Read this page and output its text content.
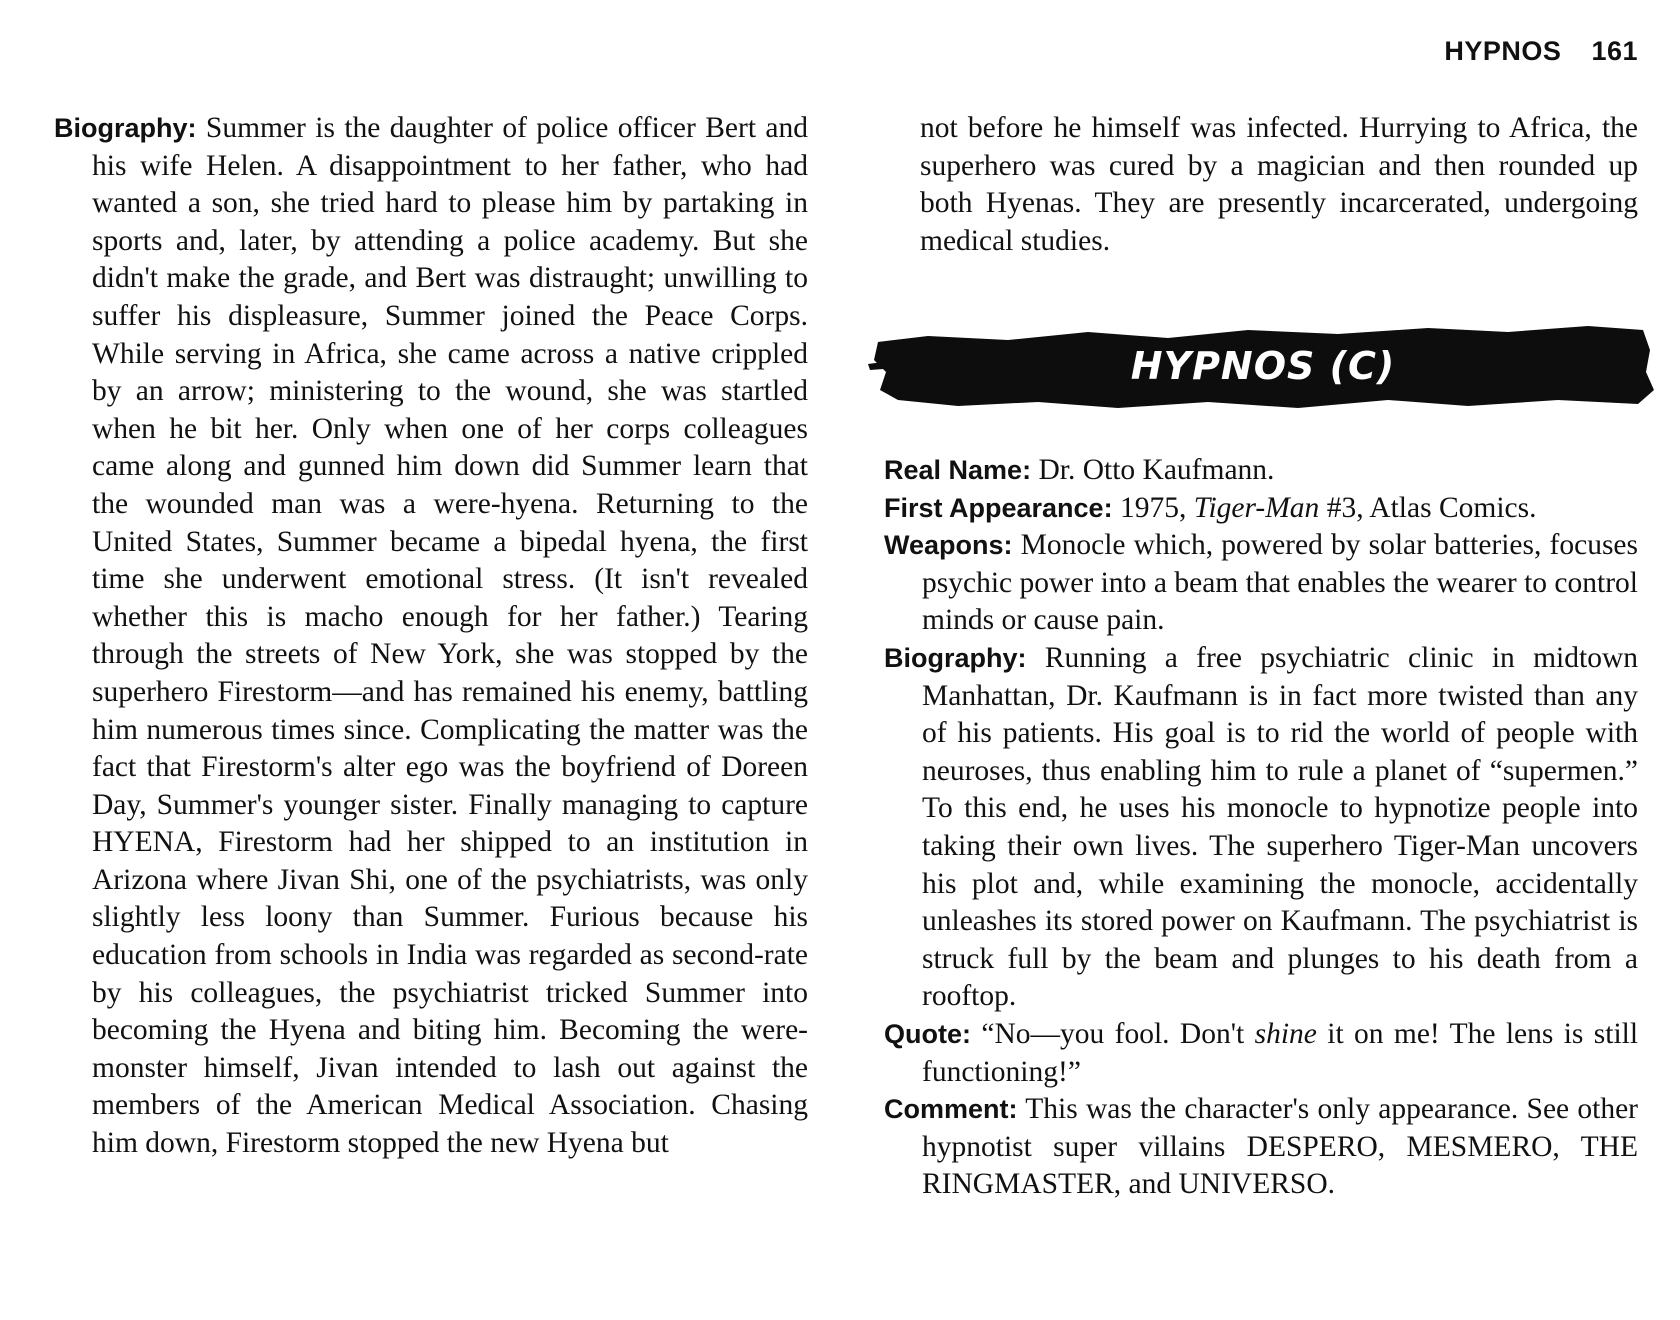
HYPNOS 161

Biography: Summer is the daughter of police officer Bert and his wife Helen. A disappointment to her father, who had wanted a son, she tried hard to please him by partaking in sports and, later, by attending a police academy. But she didn't make the grade, and Bert was distraught; unwilling to suffer his displeasure, Summer joined the Peace Corps. While serving in Africa, she came across a native crippled by an arrow; ministering to the wound, she was startled when he bit her. Only when one of her corps colleagues came along and gunned him down did Summer learn that the wounded man was a were-hyena. Returning to the United States, Summer became a bipedal hyena, the first time she underwent emotional stress. (It isn't revealed whether this is macho enough for her father.) Tearing through the streets of New York, she was stopped by the superhero Firestorm—and has remained his enemy, battling him numerous times since. Complicating the matter was the fact that Firestorm's alter ego was the boyfriend of Doreen Day, Summer's younger sister. Finally managing to capture HYENA, Firestorm had her shipped to an institution in Arizona where Jivan Shi, one of the psychiatrists, was only slightly less loony than Summer. Furious because his education from schools in India was regarded as second-rate by his colleagues, the psychiatrist tricked Summer into becoming the Hyena and biting him. Becoming the were-monster himself, Jivan intended to lash out against the members of the American Medical Association. Chasing him down, Firestorm stopped the new Hyena but

not before he himself was infected. Hurrying to Africa, the superhero was cured by a magician and then rounded up both Hyenas. They are presently incarcerated, undergoing medical studies.

HYPNOS (C)

Real Name: Dr. Otto Kaufmann.

First Appearance: 1975, Tiger-Man #3, Atlas Comics.

Weapons: Monocle which, powered by solar batteries, focuses psychic power into a beam that enables the wearer to control minds or cause pain.

Biography: Running a free psychiatric clinic in midtown Manhattan, Dr. Kaufmann is in fact more twisted than any of his patients. His goal is to rid the world of people with neuroses, thus enabling him to rule a planet of “supermen.” To this end, he uses his monocle to hypnotize people into taking their own lives. The superhero Tiger-Man uncovers his plot and, while examining the monocle, accidentally unleashes its stored power on Kaufmann. The psychiatrist is struck full by the beam and plunges to his death from a rooftop.

Quote: “No—you fool. Don't shine it on me! The lens is still functioning!”

Comment: This was the character's only appearance. See other hypnotist super villains DESPERO, MESMERO, THE RINGMASTER, and UNIVERSO.
